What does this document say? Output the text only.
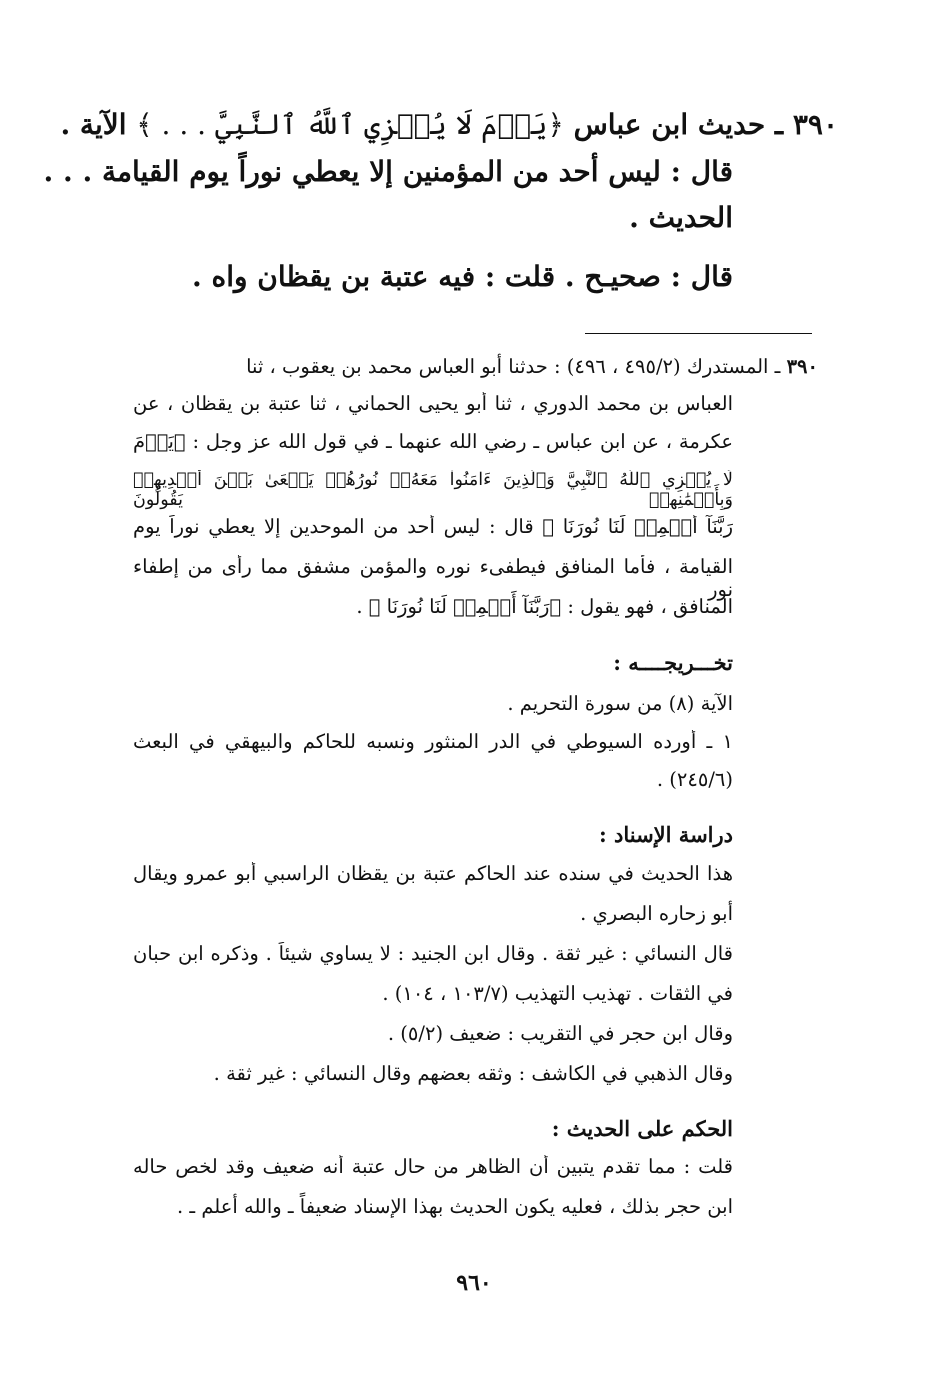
٣٩٠ ـ حديث ابن عباس ﴿يَوۡمَ لَا يُخۡزِي ٱللَّهُ ٱلنَّبِيَّ . . . ﴾ الآية .
قال : ليس أحد من المؤمنين إلا يعطي نوراً يوم القيامة . . .
الحديث .
قال : صحيـح . قلت : فيه عتبة بن يقظان واه .
٣٩٠ ـ المستدرك (٤٩٥/٢ ، ٤٩٦) : حدثنا أبو العباس محمد بن يعقوب ، ثنا
العباس بن محمد الدوري ، ثنا أبو يحيى الحماني ، ثنا عتبة بن يقظان ، عن
عكرمة ، عن ابن عباس ـ رضي الله عنهما ـ في قول الله عز وجل : ﴿يَوۡمَ
لَا يُخۡزِي ٱللَّهُ ٱلنَّبِيَّ وَٱلَّذِينَ ءَامَنُواْ مَعَهُۥۖ نُورُهُمۡ يَسۡعَىٰ بَيۡنَ أَيۡدِيهِمۡ وَبِأَيۡمَٰنِهِمۡ يَقُولُونَ
رَبَّنَآ أَتۡمِمۡ لَنَا نُورَنَا ﴾ قال : ليس أحد من الموحدين إلا يعطي نوراً يوم
القيامة ، فأما المنافق فيطفىء نوره والمؤمن مشفق مما رأى من إطفاء نور
المنافق ، فهو يقول : ﴿رَبَّنَآ أَتۡمِمۡ لَنَا نُورَنَا ﴾ .
تخـــريجــــه :
الآية (٨) من سورة التحريم .
١ ـ أورده السيوطي في الدر المنثور ونسبه للحاكم والبيهقي في البعث
(٢٤٥/٦) .
دراسة الإسناد :
هذا الحديث في سنده عند الحاكم عتبة بن يقظان الراسبي أبو عمرو ويقال
أبو زحاره البصري .
قال النسائي : غير ثقة . وقال ابن الجنيد : لا يساوي شيئاً . وذكره ابن حبان
في الثقات . تهذيب التهذيب (١٠٣/٧ ، ١٠٤) .
وقال ابن حجر في التقريب : ضعيف (٥/٢) .
وقال الذهبي في الكاشف : وثقه بعضهم وقال النسائي : غير ثقة .
الحكم على الحديث :
قلت : مما تقدم يتبين أن الظاهر من حال عتبة أنه ضعيف وقد لخص حاله
ابن حجر بذلك ، فعليه يكون الحديث بهذا الإسناد ضعيفاً ـ والله أعلم ـ .
٩٦٠
